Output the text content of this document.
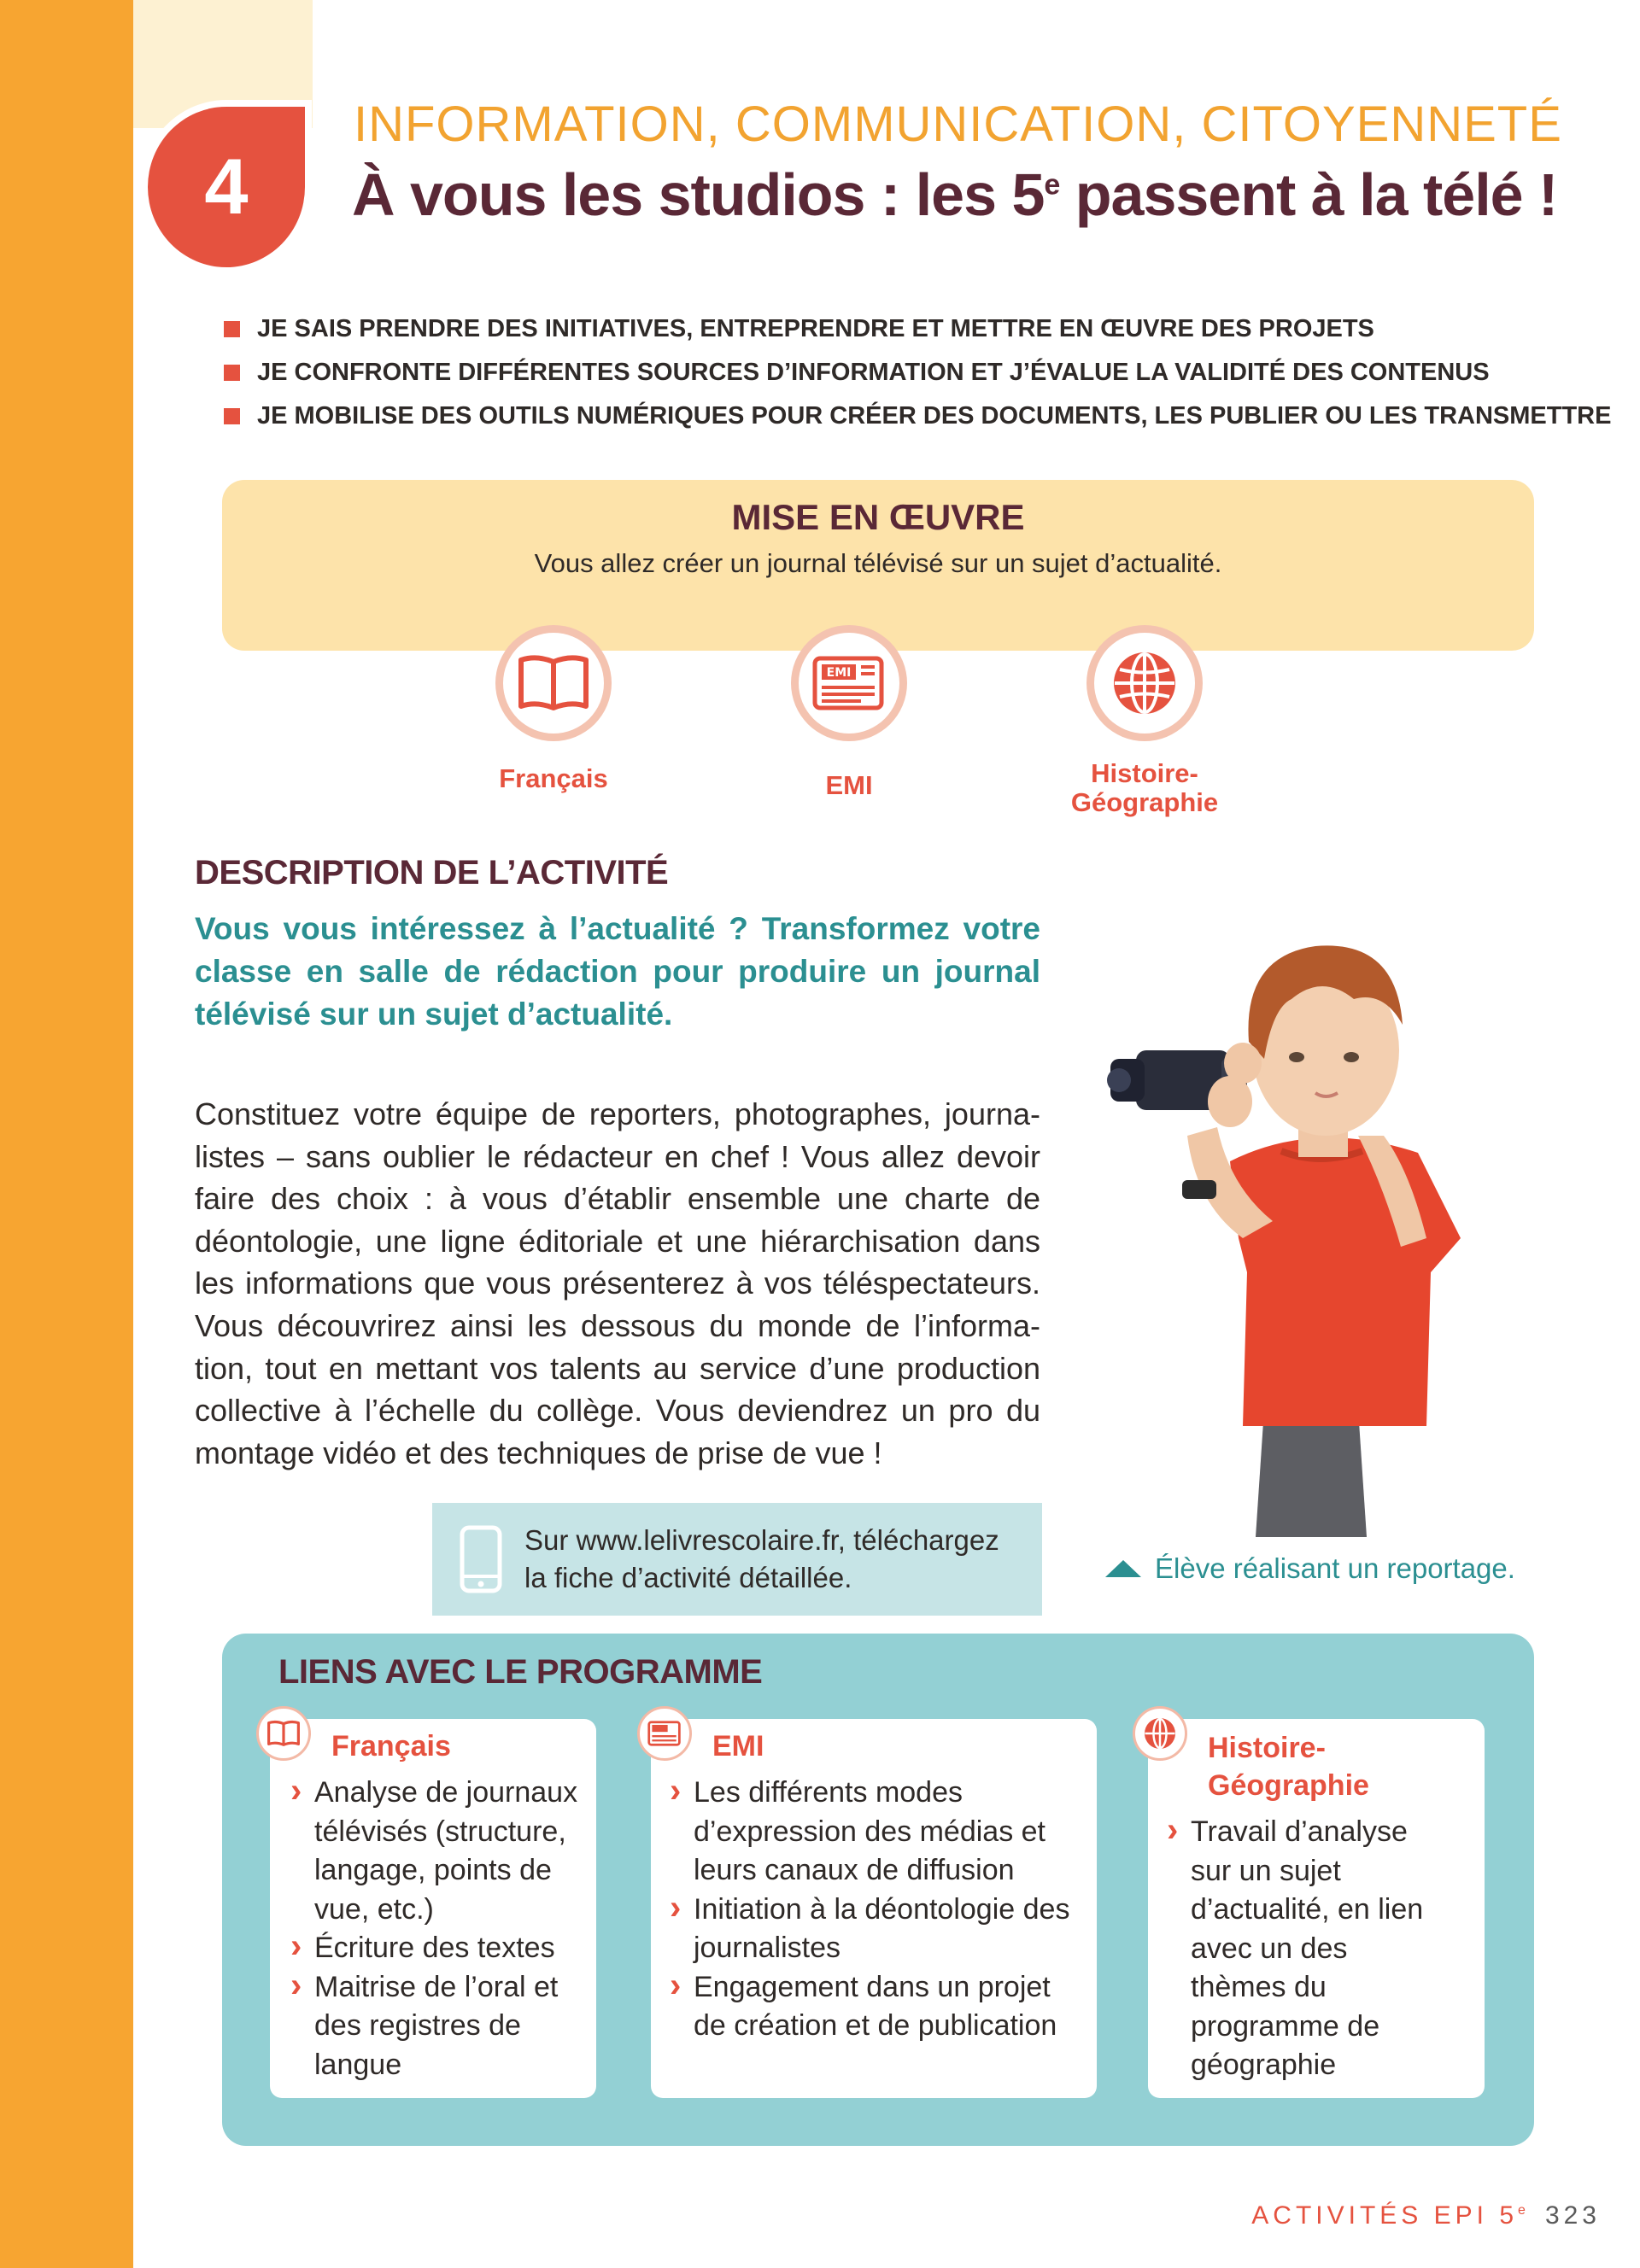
4
INFORMATION, COMMUNICATION, CITOYENNETÉ
À vous les studios : les 5e passent à la télé !
JE SAIS PRENDRE DES INITIATIVES, ENTREPRENDRE ET METTRE EN ŒUVRE DES PROJETS
JE CONFRONTE DIFFÉRENTES SOURCES D’INFORMATION ET J’ÉVALUE LA VALIDITÉ DES CONTENUS
JE MOBILISE DES OUTILS NUMÉRIQUES POUR CRÉER DES DOCUMENTS, LES PUBLIER OU LES TRANSMETTRE
MISE EN ŒUVRE
Vous allez créer un journal télévisé sur un sujet d’actualité.
EMI
Français	EMI	Histoire-
Géographie
DESCRIPTION DE L’ACTIVITÉ
Vous vous intéressez à l’actualité ? Transformez votre classe en salle de rédaction pour produire un journal télévisé sur un sujet d’actualité.
Constituez votre équipe de reporters, photographes, journa-listes – sans oublier le rédacteur en chef ! Vous allez devoir faire des choix : à vous d’établir ensemble une charte de déontologie, une ligne éditoriale et une hiérarchisation dans les informations que vous présenterez à vos téléspectateurs. Vous découvrirez ainsi les dessous du monde de l’informa-tion, tout en mettant vos talents au service d’une production collective à l’échelle du collège. Vous deviendrez un pro du montage vidéo et des techniques de prise de vue !
Sur www.lelivrescolaire.fr, téléchargez
la fiche d’activité détaillée.	Élève réalisant un reportage.
LIENS AVEC LE PROGRAMME
Français
› Analyse de journaux télévisés (structure, langage, points de vue, etc.)
› Écriture des textes
› Maitrise de l’oral et des registres de langue
EMI
› Les différents modes d’expression des médias et leurs canaux de diffusion
› Initiation à la déontologie des journalistes
› Engagement dans un projet de création et de publication
Histoire-
Géographie
› Travail d’analyse sur un sujet d’actualité, en lien avec un des thèmes du programme de géographie
ACTIVITÉS EPI 5e 323
